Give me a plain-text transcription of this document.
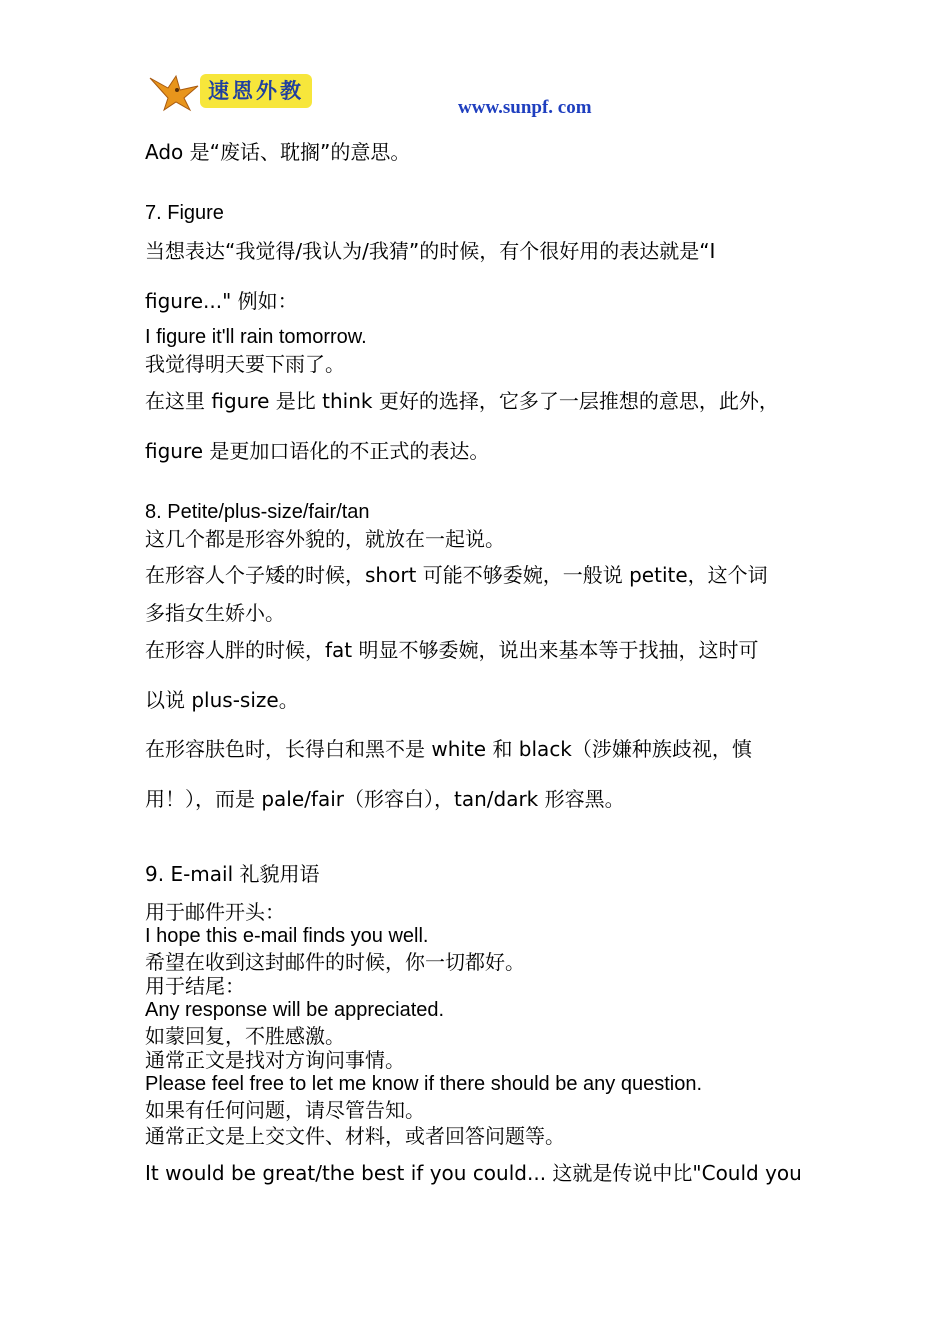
速恩外教
www.sunpf. com
Ado 是“废话、耽搁”的意思。
7. Figure
当想表达“我觉得/我认为/我猜”的时候，有个很好用的表达就是“I
figure..." 例如：
I figure it'll rain tomorrow.
我觉得明天要下雨了。
在这里 figure 是比 think 更好的选择，它多了一层推想的意思，此外，
figure 是更加口语化的不正式的表达。
8. Petite/plus-size/fair/tan
这几个都是形容外貌的，就放在一起说。
在形容人个子矮的时候，short 可能不够委婉，一般说 petite，这个词
多指女生娇小。
在形容人胖的时候，fat 明显不够委婉，说出来基本等于找抽，这时可
以说 plus-size。
在形容肤色时，长得白和黑不是 white 和 black（涉嫌种族歧视，慎
用！），而是 pale/fair（形容白），tan/dark 形容黑。
9. E-mail 礼貌用语
用于邮件开头：
I hope this e-mail finds you well.
希望在收到这封邮件的时候，你一切都好。
用于结尾：
Any response will be appreciated.
如蒙回复，不胜感激。
通常正文是找对方询问事情。
Please feel free to let me know if there should be any question.
如果有任何问题，请尽管告知。
通常正文是上交文件、材料，或者回答问题等。
It would be great/the best if you could... 这就是传说中比"Could you
